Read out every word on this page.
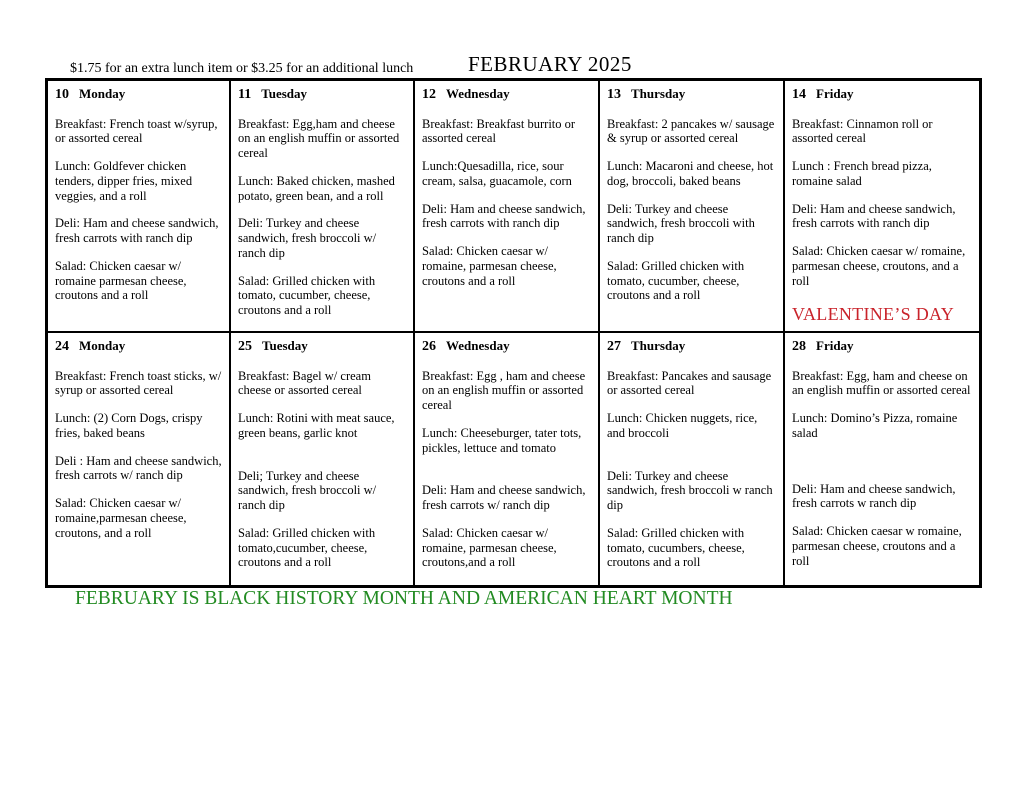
$1.75 for an extra lunch item or $3.25 for an additional lunch	FEBRUARY 2025
10 Monday
Breakfast: French toast w/syrup, or assorted cereal
Lunch: Goldfever chicken tenders, dipper fries, mixed veggies, and a roll
Deli: Ham and cheese sandwich, fresh carrots with ranch dip
Salad: Chicken caesar w/ romaine parmesan cheese, croutons and a roll
11 Tuesday
Breakfast: Egg,ham and cheese on an english muffin or assorted cereal
Lunch: Baked chicken, mashed potato, green bean, and a roll
Deli: Turkey and cheese sandwich, fresh broccoli w/ ranch dip
Salad: Grilled chicken with tomato, cucumber, cheese, croutons and a roll
12 Wednesday
Breakfast: Breakfast burrito or assorted cereal
Lunch:Quesadilla, rice, sour cream, salsa, guacamole, corn
Deli: Ham and cheese sandwich, fresh carrots with ranch dip
Salad: Chicken caesar w/ romaine, parmesan cheese, croutons and a roll
13 Thursday
Breakfast: 2 pancakes w/ sausage & syrup or assorted cereal
Lunch: Macaroni and cheese, hot dog, broccoli, baked beans
Deli: Turkey and cheese sandwich, fresh broccoli with ranch dip
Salad: Grilled chicken with tomato, cucumber, cheese, croutons and a roll
14 Friday
Breakfast: Cinnamon roll or assorted cereal
Lunch : French bread pizza, romaine salad
Deli: Ham and cheese sandwich, fresh carrots with ranch dip
Salad: Chicken caesar w/ romaine, parmesan cheese, croutons, and a roll
VALENTINE’S DAY
24 Monday
Breakfast: French toast sticks, w/ syrup or assorted cereal
Lunch: (2) Corn Dogs, crispy fries, baked beans
Deli : Ham and cheese sandwich, fresh carrots w/ ranch dip
Salad: Chicken caesar w/ romaine,parmesan cheese, croutons, and a roll
25 Tuesday
Breakfast: Bagel w/ cream cheese or assorted cereal
Lunch: Rotini with meat sauce, green beans, garlic knot
Deli; Turkey and cheese sandwich, fresh broccoli w/ ranch dip
Salad: Grilled chicken with tomato,cucumber, cheese, croutons and a roll
26 Wednesday
Breakfast: Egg , ham and cheese on an english muffin or assorted cereal
Lunch: Cheeseburger, tater tots, pickles, lettuce and tomato
Deli: Ham and cheese sandwich, fresh carrots w/ ranch dip
Salad: Chicken caesar w/ romaine, parmesan cheese, croutons,and a roll
27 Thursday
Breakfast: Pancakes and sausage or assorted cereal
Lunch: Chicken nuggets, rice, and broccoli
Deli: Turkey and cheese sandwich, fresh broccoli w ranch dip
Salad: Grilled chicken with tomato, cucumbers, cheese, croutons and a roll
28 Friday
Breakfast: Egg, ham and cheese on an english muffin or assorted cereal
Lunch: Domino’s Pizza, romaine salad
Deli: Ham and cheese sandwich, fresh carrots w ranch dip
Salad: Chicken caesar w romaine, parmesan cheese, croutons and a roll
FEBRUARY IS BLACK HISTORY MONTH AND AMERICAN HEART MONTH
